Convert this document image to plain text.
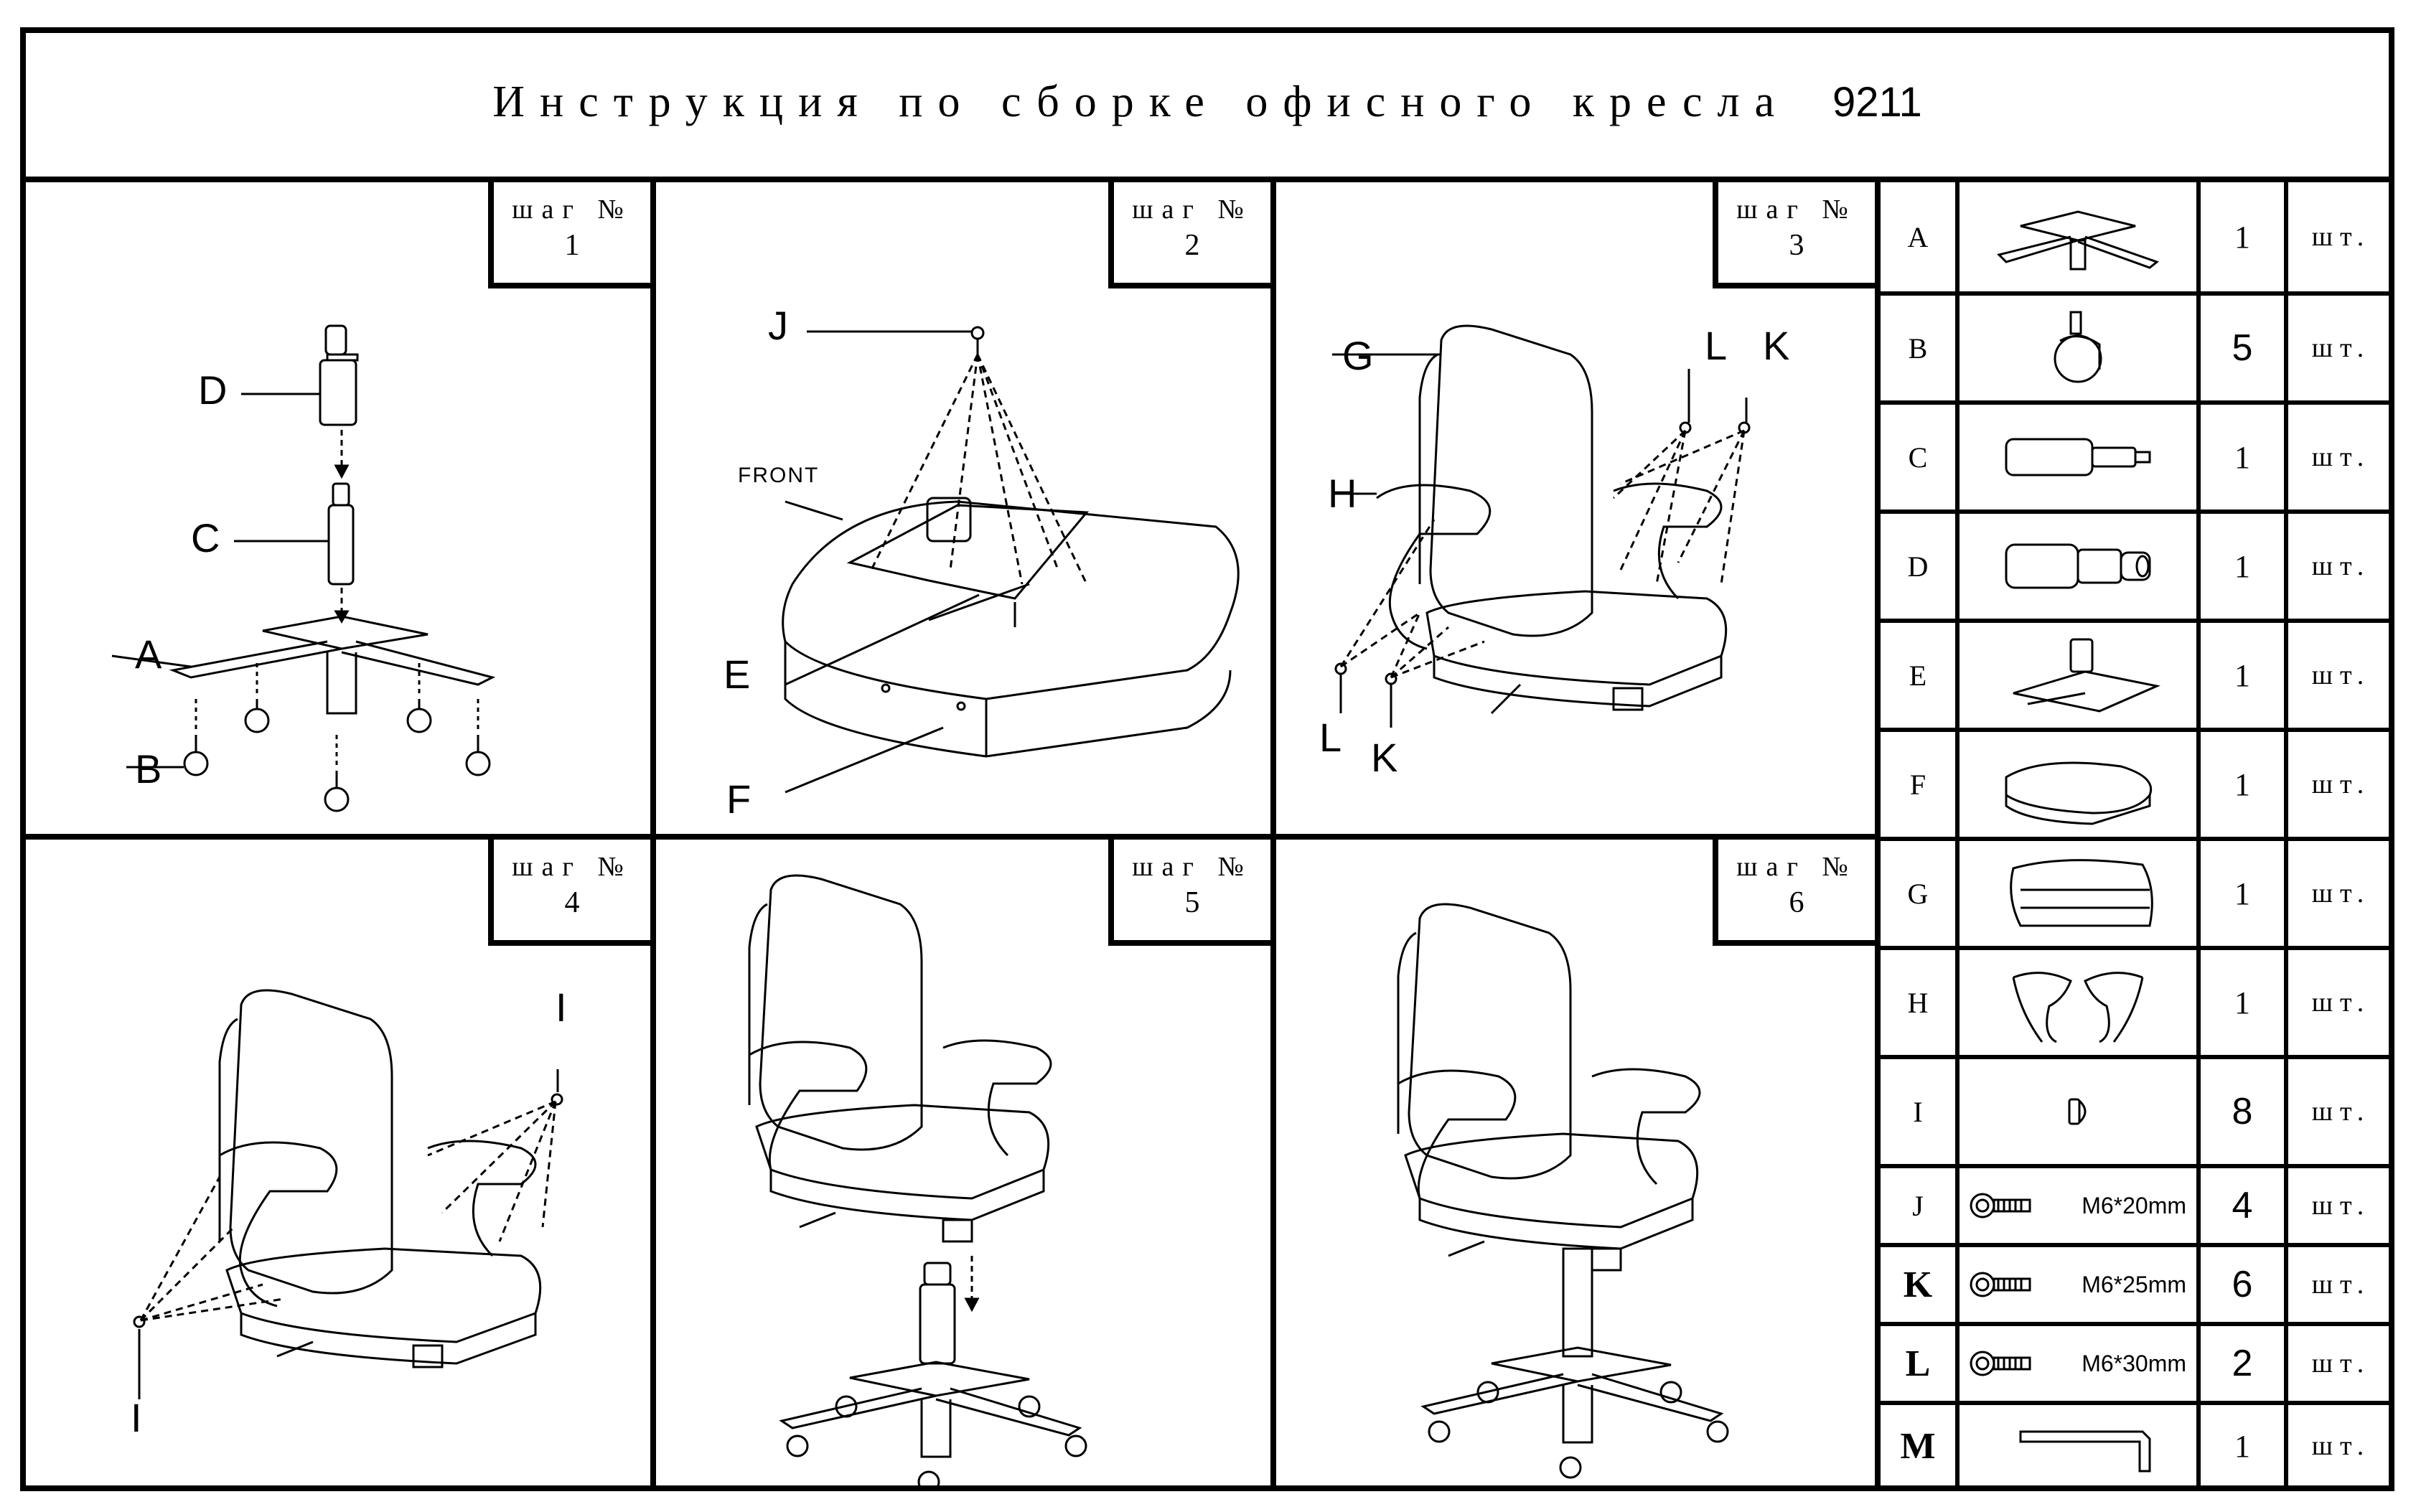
Инструкция по сборке офисного кресла 9211
шаг №
1
D
C
A
B
шаг №
2
J
FRONT
E
F
шаг №
3
G
H
L K
L K
шаг №
4
I
I
шаг №
5
шаг №
6
A	1	шт.
B	5	шт.
C	1	шт.
D	1	шт.
E	1	шт.
F	1	шт.
G	1	шт.
H	1	шт.
I	8	шт.
J	M6*20mm	4	шт.
K	M6*25mm	6	шт.
L	M6*30mm	2	шт.
M	1	шт.
